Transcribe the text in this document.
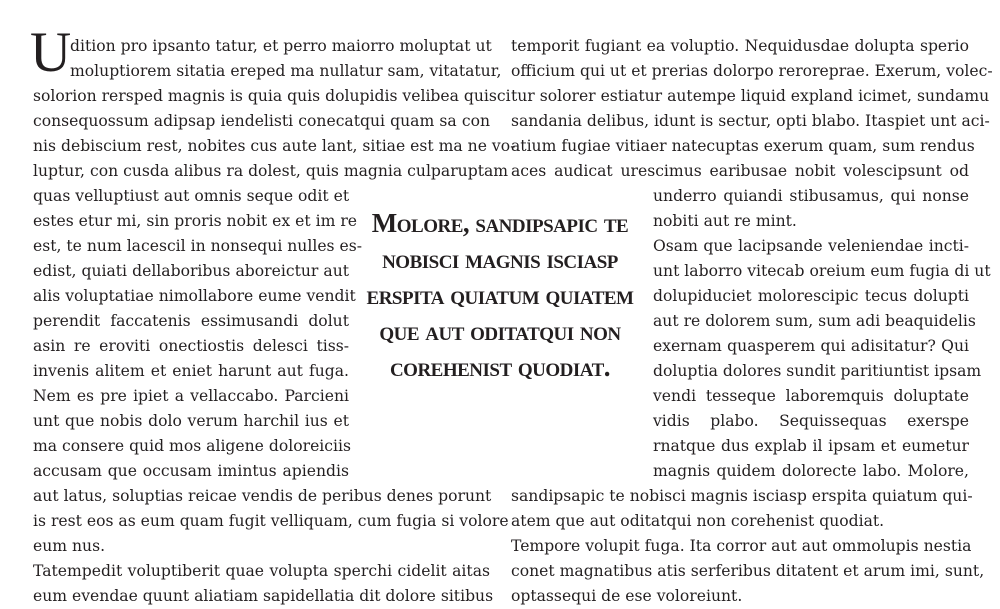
U
dition pro ipsanto tatur, et perro maiorro moluptat ut
moluptiorem sitatia ereped ma nullatur sam, vitatatur,
solorion rersped magnis is quia quis dolupidis velibea quisci
consequossum adipsap iendelisti conecatqui quam sa con
nis debiscium rest, nobites cus aute lant, sitiae est ma ne vo-
luptur, con cusda alibus ra dolest, quis magnia culparuptam
quas velluptiust aut omnis seque odit et
estes etur mi, sin proris nobit ex et im re
est, te num lacescil in nonsequi nulles es-
edist, quiati dellaboribus aboreictur aut
alis voluptatiae nimollabore eume vendit
perendit faccatenis essimusandi dolut
asin re eroviti onectiostis delesci tiss-
invenis alitem et eniet harunt aut fuga.
Nem es pre ipiet a vellaccabo. Parcieni
unt que nobis dolo verum harchil ius et
ma consere quid mos aligene doloreiciis
accusam que occusam imintus apiendis
aut latus, soluptias reicae vendis de peribus denes porunt
is rest eos as eum quam fugit velliquam, cum fugia si volore
eum nus.
Tatempedit voluptiberit quae volupta sperchi cidelit aitas
eum evendae quunt aliatiam sapidellatia dit dolore sitibus
temporit fugiant ea voluptio. Nequidusdae dolupta sperio
officium qui ut et prerias dolorpo reroreprae. Exerum, volec-
tur solorer estiatur autempe liquid expland icimet, sundamu
sandania delibus, idunt is sectur, opti blabo. Itaspiet unt aci-
atium fugiae vitiaer natecuptas exerum quam, sum rendus
aces audicat urescimus earibusae nobit volescipsunt od
underro quiandi stibusamus, qui nonse
nobiti aut re mint.
Osam que lacipsande veleniendae incti-
unt laborro vitecab oreium eum fugia di ut
dolupiduciet molorescipic tecus dolupti
aut re dolorem sum, sum adi beaquidelis
exernam quasperem qui adisitatur? Qui
doluptia dolores sundit paritiuntist ipsam
vendi tesseque laboremquis doluptate
vidis plabo. Sequissequas exerspe
rnatque dus explab il ipsam et eumetur
magnis quidem dolorecte labo. Molore,
sandipsapic te nobisci magnis isciasp erspita quiatum qui-
atem que aut oditatqui non corehenist quodiat.
Tempore volupit fuga. Ita corror aut aut ommolupis nestia
conet magnatibus atis serferibus ditatent et arum imi, sunt,
optassequi de ese voloreiunt.
Molore, sandipsapic te nobisci magnis isciasp erspita quiatum quiatem que aut oditatqui non corehenist quodiat.
